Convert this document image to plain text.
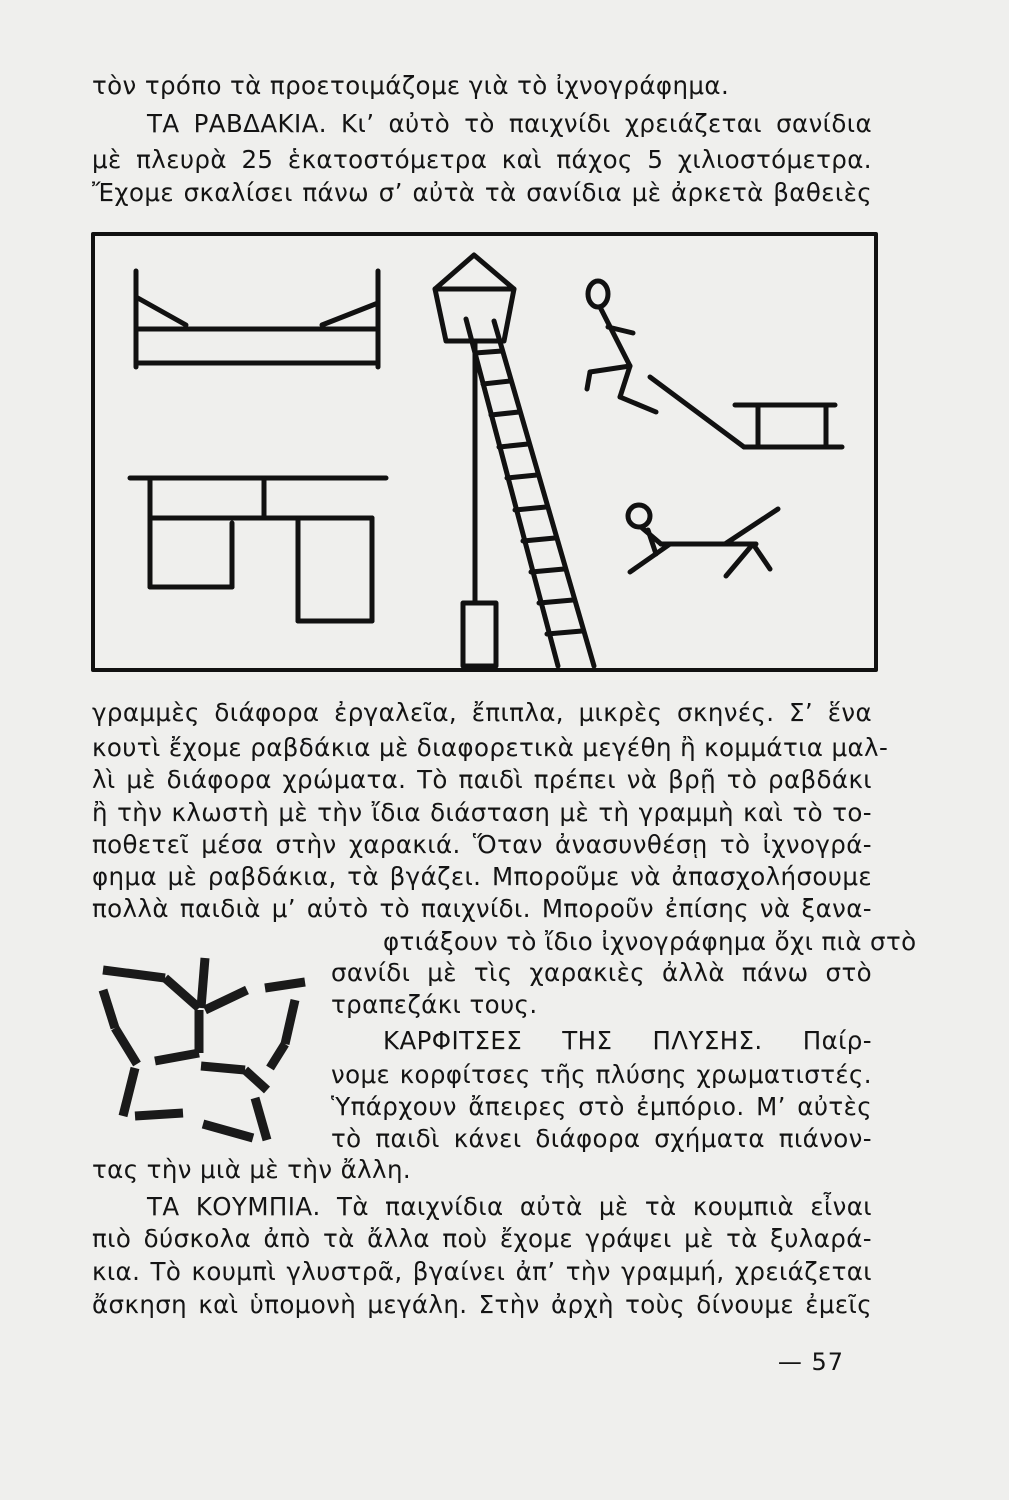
τὸν τρόπο τὰ προετοιμάζομε γιὰ τὸ ἰχνογράφημα.
ΤΑ ΡΑΒΔΑΚΙΑ. Κι’ αὐτὸ τὸ παιχνίδι χρειάζεται σανίδια
μὲ πλευρὰ 25 ἑκατοστόμετρα καὶ πάχος 5 χιλιοστόμετρα.
Ἔχομε σκαλίσει πάνω σ’ αὐτὰ τὰ σανίδια μὲ ἀρκετὰ βαθειὲς
γραμμὲς διάφορα ἐργαλεῖα, ἔπιπλα, μικρὲς σκηνές. Σ’ ἕνα
κουτὶ ἔχομε ραβδάκια μὲ διαφορετικὰ μεγέθη ἢ κομμάτια μαλ-
λὶ μὲ διάφορα χρώματα. Τὸ παιδὶ πρέπει νὰ βρῇ τὸ ραβδάκι
ἢ τὴν κλωστὴ μὲ τὴν ἴδια διάσταση μὲ τὴ γραμμὴ καὶ τὸ το-
ποθετεῖ μέσα στὴν χαρακιά. Ὅταν ἀνασυνθέσῃ τὸ ἰχνογρά-
φημα μὲ ραβδάκια, τὰ βγάζει. Μποροῦμε νὰ ἀπασχολήσουμε
πολλὰ παιδιὰ μ’ αὐτὸ τὸ παιχνίδι. Μποροῦν ἐπίσης νὰ ξανα-
φτιάξουν τὸ ἴδιο ἰχνογράφημα ὄχι πιὰ στὸ
σανίδι μὲ τὶς χαρακιὲς ἀλλὰ πάνω στὸ
τραπεζάκι τους.
ΚΑΡΦΙΤΣΕΣ ΤΗΣ ΠΛΥΣΗΣ. Παίρ-
νομε κορφίτσες τῆς πλύσης χρωματιστές.
Ὑπάρχουν ἄπειρες στὸ ἐμπόριο. Μ’ αὐτὲς
τὸ παιδὶ κάνει διάφορα σχήματα πιάνον-
τας τὴν μιὰ μὲ τὴν ἄλλη.
ΤΑ ΚΟΥΜΠΙΑ. Τὰ παιχνίδια αὐτὰ μὲ τὰ κουμπιὰ εἶναι
πιὸ δύσκολα ἀπὸ τὰ ἄλλα ποὺ ἔχομε γράψει μὲ τὰ ξυλαρά-
κια. Τὸ κουμπὶ γλυστρᾶ, βγαίνει ἀπ’ τὴν γραμμή, χρειάζεται
ἄσκηση καὶ ὑπομονὴ μεγάλη. Στὴν ἀρχὴ τοὺς δίνουμε ἐμεῖς
— 57
